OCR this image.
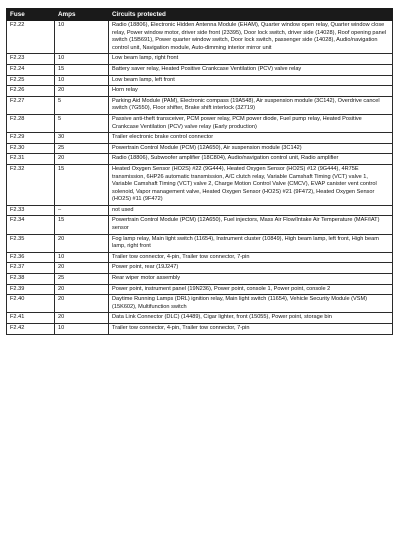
Fuse	Amps	Circuits protected
F2.22	10	Radio (18806), Electronic Hidden Antenna Module (EHAM), Quarter window open relay, Quarter window close relay, Power window motor, driver side front (23395), Door lock switch, driver side (14028), Roof opening panel switch (15B691), Power quarter window switch, Door lock switch, passenger side (14028), Audio/navigation control unit, Navigation module, Auto-dimming interior mirror unit
F2.23	10	Low beam lamp, right front
F2.24	15	Battery saver relay, Heated Positive Crankcase Ventilation (PCV) valve relay
F2.25	10	Low beam lamp, left front
F2.26	20	Horn relay
F2.27	5	Parking Aid Module (PAM), Electronic compass (19A548), Air suspension module (3C142), Overdrive cancel switch (7G550), Floor shifter, Brake shift interlock (3Z719)
F2.28	5	Passive anti-theft transceiver, PCM power relay, PCM power diode, Fuel pump relay, Heated Positive Crankcase Ventilation (PCV) valve relay (Early production)
F2.29	30	Trailer electronic brake control connector
F2.30	25	Powertrain Control Module (PCM) (12A650), Air suspension module (3C142)
F2.31	20	Radio (18806), Subwoofer amplifier (18C804), Audio/navigation control unit, Radio amplifier
F2.32	15	Heated Oxygen Sensor (HO2S) #22 (9G444), Heated Oxygen Sensor (HO2S) #12 (9G444), 4R75E transmission, 6HP26 automatic transmission, A/C clutch relay, Variable Camshaft Timing (VCT) valve 1, Variable Camshaft Timing (VCT) valve 2, Charge Motion Control Valve (CMCV), EVAP canister vent control solenoid, Vapor management valve, Heated Oxygen Sensor (HO2S) #21 (9F472), Heated Oxygen Sensor (HO2S) #11 (9F472)
F2.33	–	not used
F2.34	15	Powertrain Control Module (PCM) (12A650), Fuel injectors, Mass Air Flow/Intake Air Temperature (MAF/IAT) sensor
F2.35	20	Fog lamp relay, Main light switch (11654), Instrument cluster (10849), High beam lamp, left front, High beam lamp, right front
F2.36	10	Trailer tow connector, 4-pin, Trailer tow connector, 7-pin
F2.37	20	Power point, rear (19J247)
F2.38	25	Rear wiper motor assembly
F2.39	20	Power point, instrument panel (19N236), Power point, console 1, Power point, console 2
F2.40	20	Daytime Running Lamps (DRL) ignition relay, Main light switch (11654), Vehicle Security Module (VSM) (15K602), Multifunction switch
F2.41	20	Data Link Connector (DLC) (14489), Cigar lighter, front (15055), Power point, storage bin
F2.42	10	Trailer tow connector, 4-pin, Trailer tow connector, 7-pin
